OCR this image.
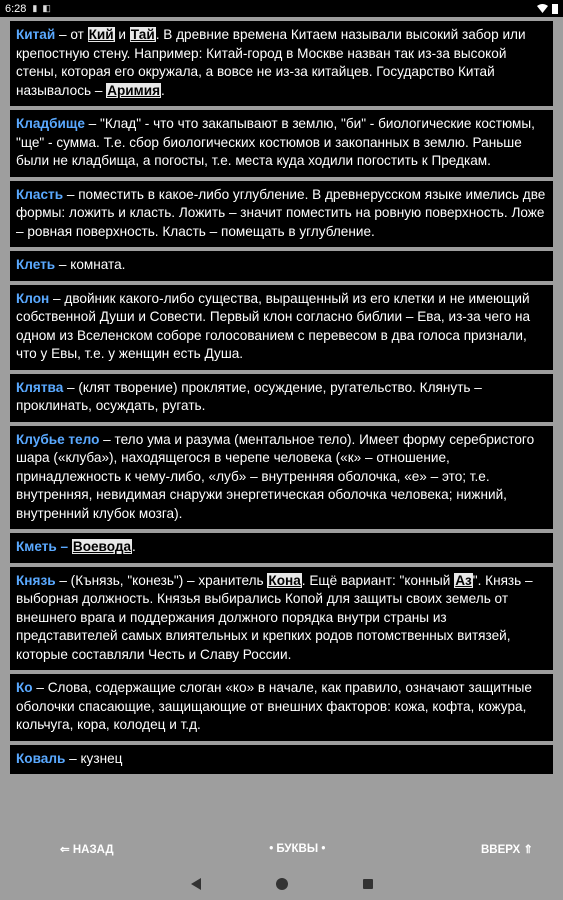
6:28 ▮ ◧
Китай – от Кий и Тай. В древние времена Китаем называли высокий забор или крепостную стену. Например: Китай-город в Москве назван так из-за высокой стены, которая его окружала, а вовсе не из-за китайцев. Государство Китай называлось – Аримия.
Кладбище – "Клад" - что что закапывают в землю, "би" - биологические костюмы, "ще" - сумма. Т.е. сбор биологических костюмов и закопанных в землю. Раньше были не кладбища, а погосты, т.е. места куда ходили погостить к Предкам.
Класть – поместить в какое-либо углубление. В древнерусском языке имелись две формы: ложить и класть. Ложить – значит поместить на ровную поверхность. Ложе – ровная поверхность. Класть – помещать в углубление.
Клеть – комната.
Клон – двойник какого-либо существа, выращенный из его клетки и не имеющий собственной Души и Совести. Первый клон согласно библии – Ева, из-за чего на одном из Вселенском соборе голосованием с перевесом в два голоса признали, что у Евы, т.е. у женщин есть Душа.
Клятва – (клят творение) проклятие, осуждение, ругательство. Клянуть – проклинать, осуждать, ругать.
Клубье тело – тело ума и разума (ментальное тело). Имеет форму серебристого шара («клуба»), находящегося в черепе человека («к» – отношение, принадлежность к чему-либо, «луб» – внутренняя оболочка, «е» – это; т.е. внутренняя, невидимая снаружи энергетическая оболочка человека; нижний, внутренний клубок мозга).
Кметь – Воевода.
Князь – (Кънязь, "конезь") – хранитель Кона. Ещё вариант: "конный Аз". Князь – выборная должность. Князья выбирались Копой для защиты своих земель от внешнего врага и поддержания должного порядка внутри страны из представителей самых влиятельных и крепких родов потомственных витязей, которые составляли Честь и Славу России.
Ко – Слова, содержащие слоган «ко» в начале, как правило, означают защитные оболочки спасающие, защищающие от внешних факторов: кожа, кофта, кожура, кольчуга, кора, колодец и т.д.
Коваль – кузнец
⇐ НАЗАД	• БУКВЫ •	ВВЕРХ ⇑
